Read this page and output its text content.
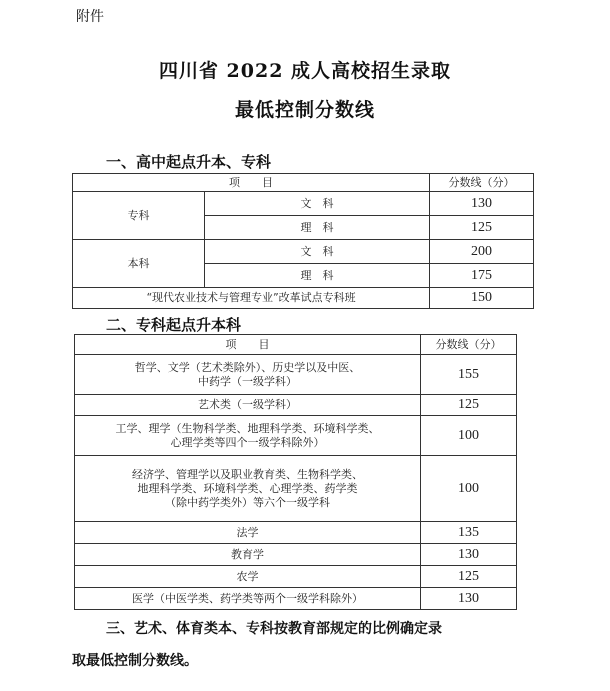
附件
四川省 2022 成人高校招生录取
最低控制分数线
一、高中起点升本、专科
项　　目		分数线（分）
专科	文　科	130
	理　科	125
本科	文　科	200
	理　科	175
“现代农业技术与管理专业”改革试点专科班		150
二、专科起点升本科
项　　目	分数线（分）

哲学、文学（艺术类除外）、历史学以及中医、
中药学（一级学科）	155

艺术类（一级学科）	125

工学、理学（生物科学类、地理科学类、环境科学类、
心理学类等四个一级学科除外）	100

经济学、管理学以及职业教育类、生物科学类、
地理科学类、环境科学类、心理学类、药学类
（除中药学类外）等六个一级学科	100

法学	135

教育学	130

农学	125

医学（中医学类、药学类等两个一级学科除外）	130
三、艺术、体育类本、专科按教育部规定的比例确定录
取最低控制分数线。
